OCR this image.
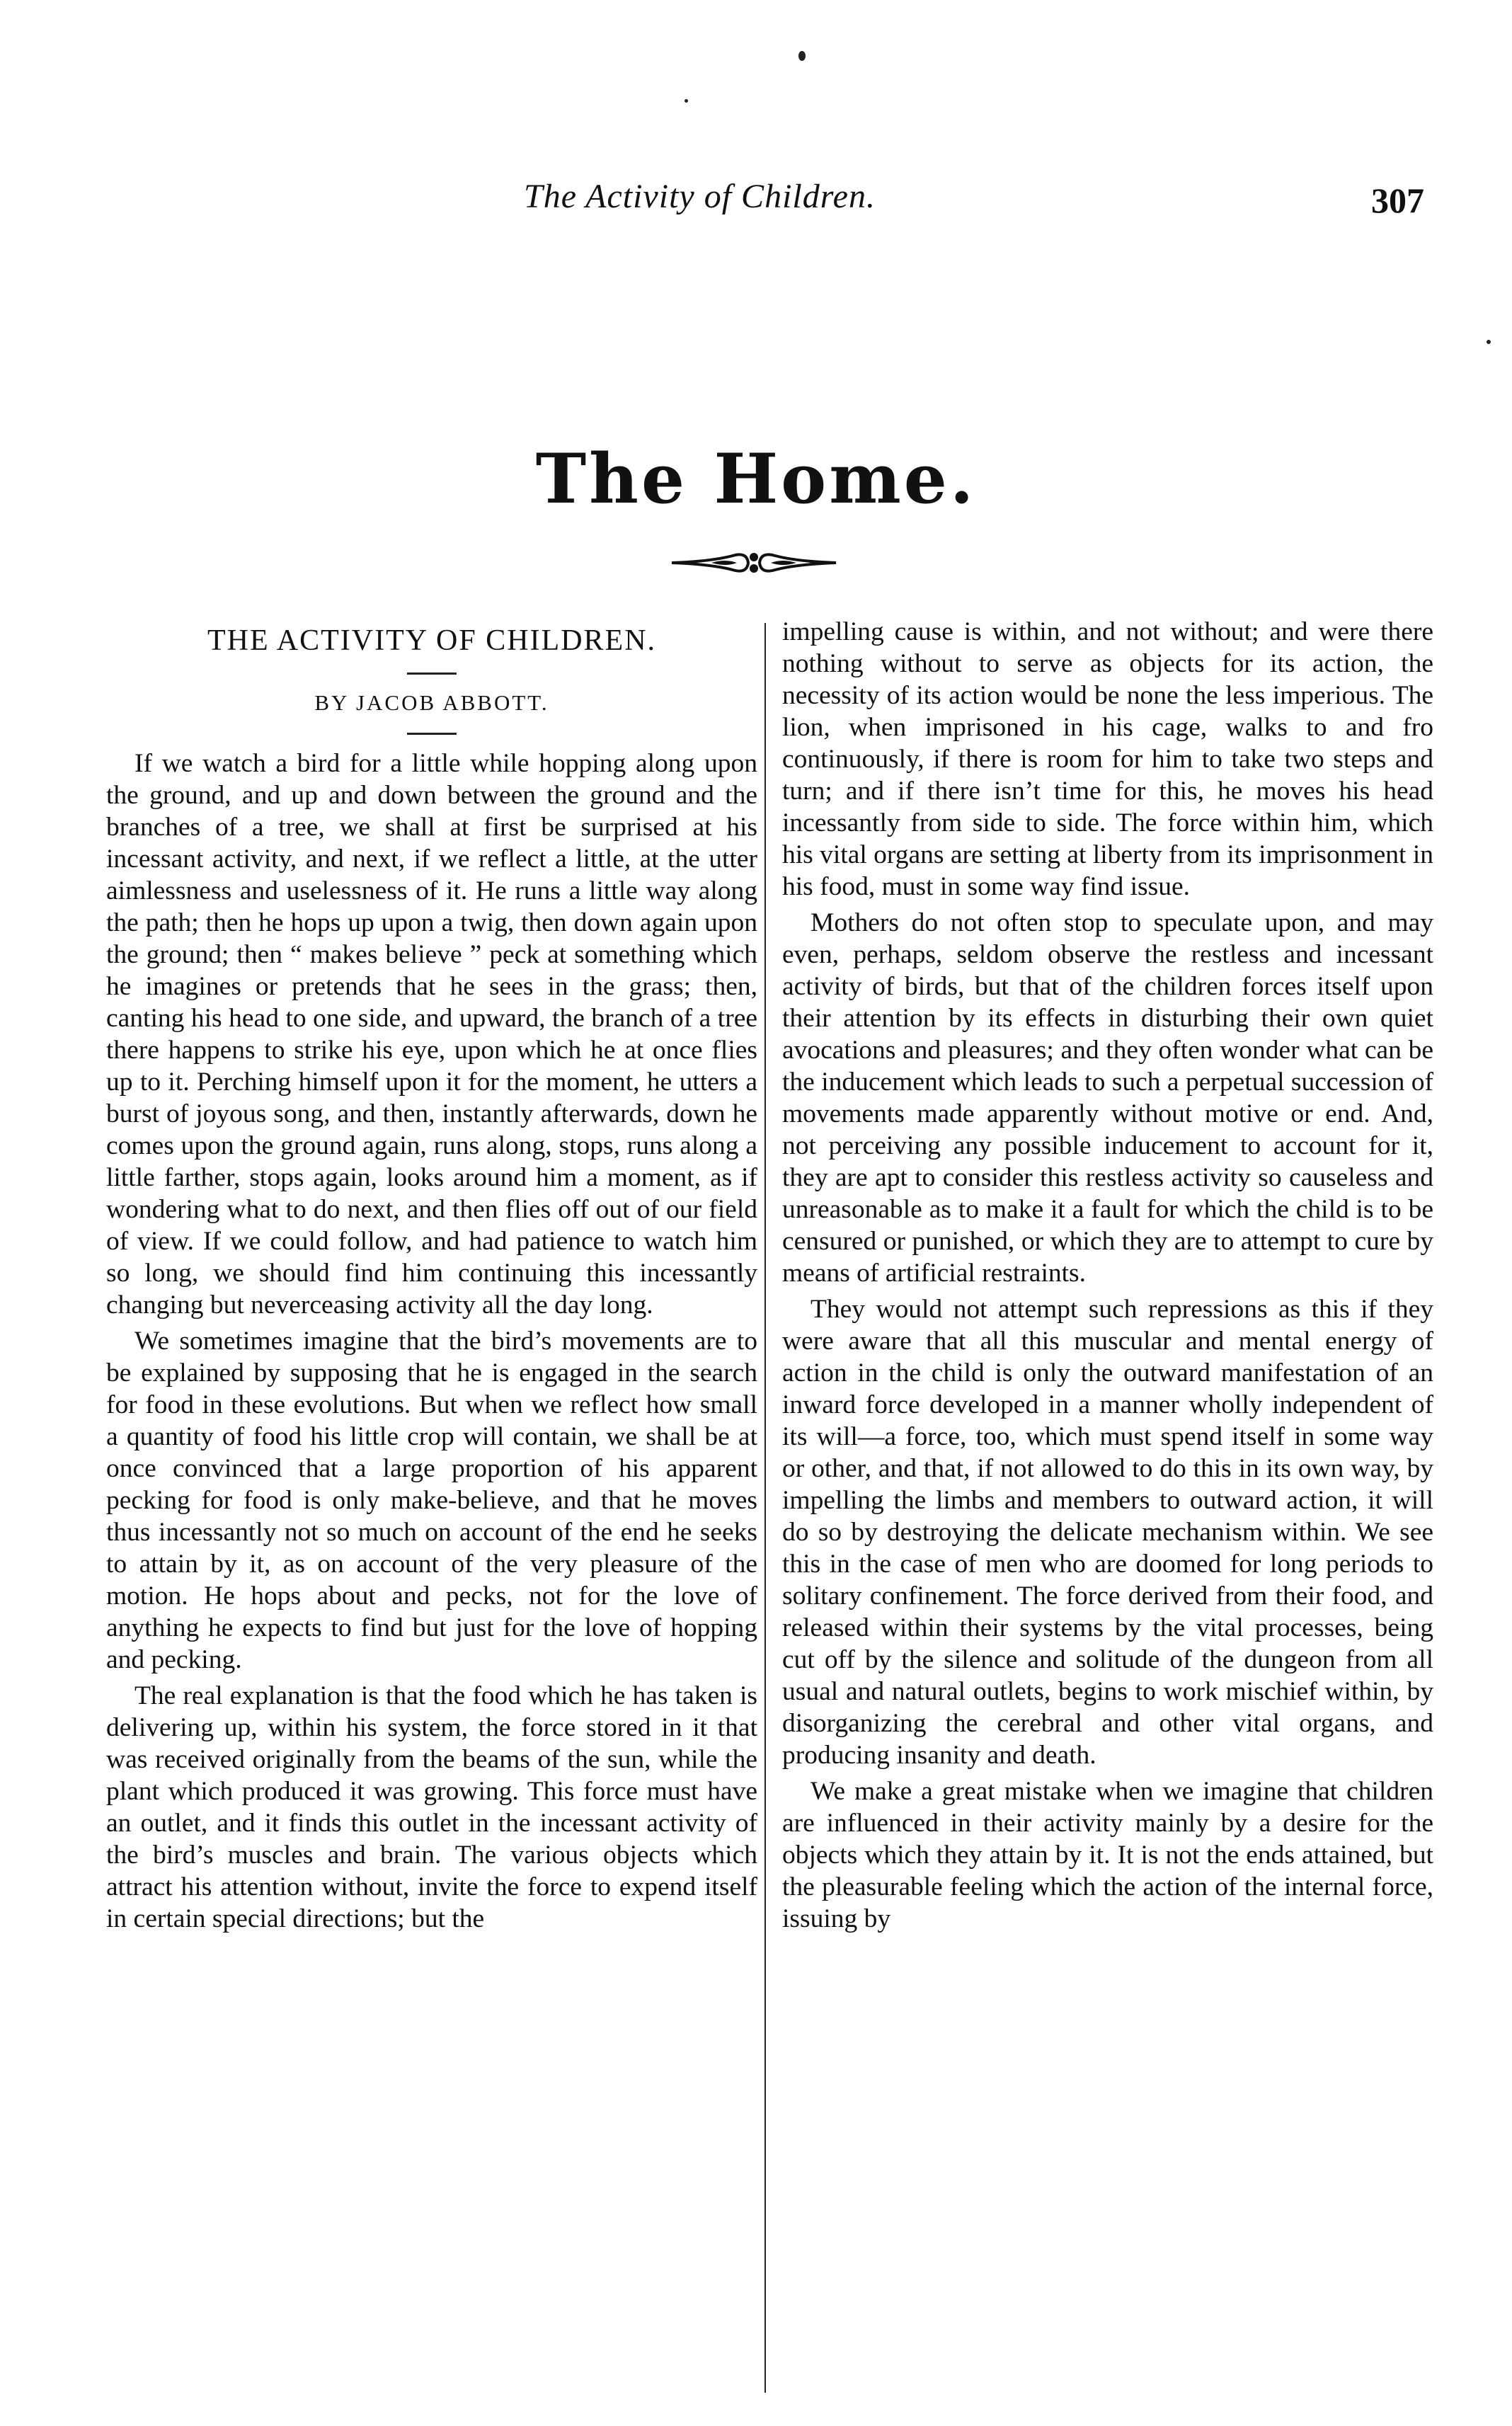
The Activity of Children.	307
The Home.
THE ACTIVITY OF CHILDREN.
BY JACOB ABBOTT.

If we watch a bird for a little while hopping along upon the ground, and up and down between the ground and the branches of a tree, we shall at first be surprised at his incessant activity, and next, if we reflect a little, at the utter aimlessness and uselessness of it. He runs a little way along the path; then he hops up upon a twig, then down again upon the ground; then “ makes believe ” peck at something which he imagines or pretends that he sees in the grass; then, canting his head to one side, and upward, the branch of a tree there happens to strike his eye, upon which he at once flies up to it. Perching himself upon it for the moment, he utters a burst of joyous song, and then, instantly afterwards, down he comes upon the ground again, runs along, stops, runs along a little farther, stops again, looks around him a moment, as if wondering what to do next, and then flies off out of our field of view. If we could follow, and had patience to watch him so long, we should find him continuing this incessantly changing but neverceasing activity all the day long.

We sometimes imagine that the bird’s movements are to be explained by supposing that he is engaged in the search for food in these evolutions. But when we reflect how small a quantity of food his little crop will contain, we shall be at once convinced that a large proportion of his apparent pecking for food is only make-believe, and that he moves thus incessantly not so much on account of the end he seeks to attain by it, as on account of the very pleasure of the motion. He hops about and pecks, not for the love of anything he expects to find but just for the love of hopping and pecking.

The real explanation is that the food which he has taken is delivering up, within his system, the force stored in it that was received originally from the beams of the sun, while the plant which produced it was growing. This force must have an outlet, and it finds this outlet in the incessant activity of the bird’s muscles and brain. The various objects which attract his attention without, invite the force to expend itself in certain special directions; but the

impelling cause is within, and not without; and were there nothing without to serve as objects for its action, the necessity of its action would be none the less imperious. The lion, when imprisoned in his cage, walks to and fro continuously, if there is room for him to take two steps and turn; and if there isn’t time for this, he moves his head incessantly from side to side. The force within him, which his vital organs are setting at liberty from its imprisonment in his food, must in some way find issue.

Mothers do not often stop to speculate upon, and may even, perhaps, seldom observe the restless and incessant activity of birds, but that of the children forces itself upon their attention by its effects in disturbing their own quiet avocations and pleasures; and they often wonder what can be the inducement which leads to such a perpetual succession of movements made apparently without motive or end. And, not perceiving any possible inducement to account for it, they are apt to consider this restless activity so causeless and unreasonable as to make it a fault for which the child is to be censured or punished, or which they are to attempt to cure by means of artificial restraints.

They would not attempt such repressions as this if they were aware that all this muscular and mental energy of action in the child is only the outward manifestation of an inward force developed in a manner wholly independent of its will—a force, too, which must spend itself in some way or other, and that, if not allowed to do this in its own way, by impelling the limbs and members to outward action, it will do so by destroying the delicate mechanism within. We see this in the case of men who are doomed for long periods to solitary confinement. The force derived from their food, and released within their systems by the vital processes, being cut off by the silence and solitude of the dungeon from all usual and natural outlets, begins to work mischief within, by disorganizing the cerebral and other vital organs, and producing insanity and death.

We make a great mistake when we imagine that children are influenced in their activity mainly by a desire for the objects which they attain by it. It is not the ends attained, but the pleasurable feeling which the action of the internal force, issuing by
